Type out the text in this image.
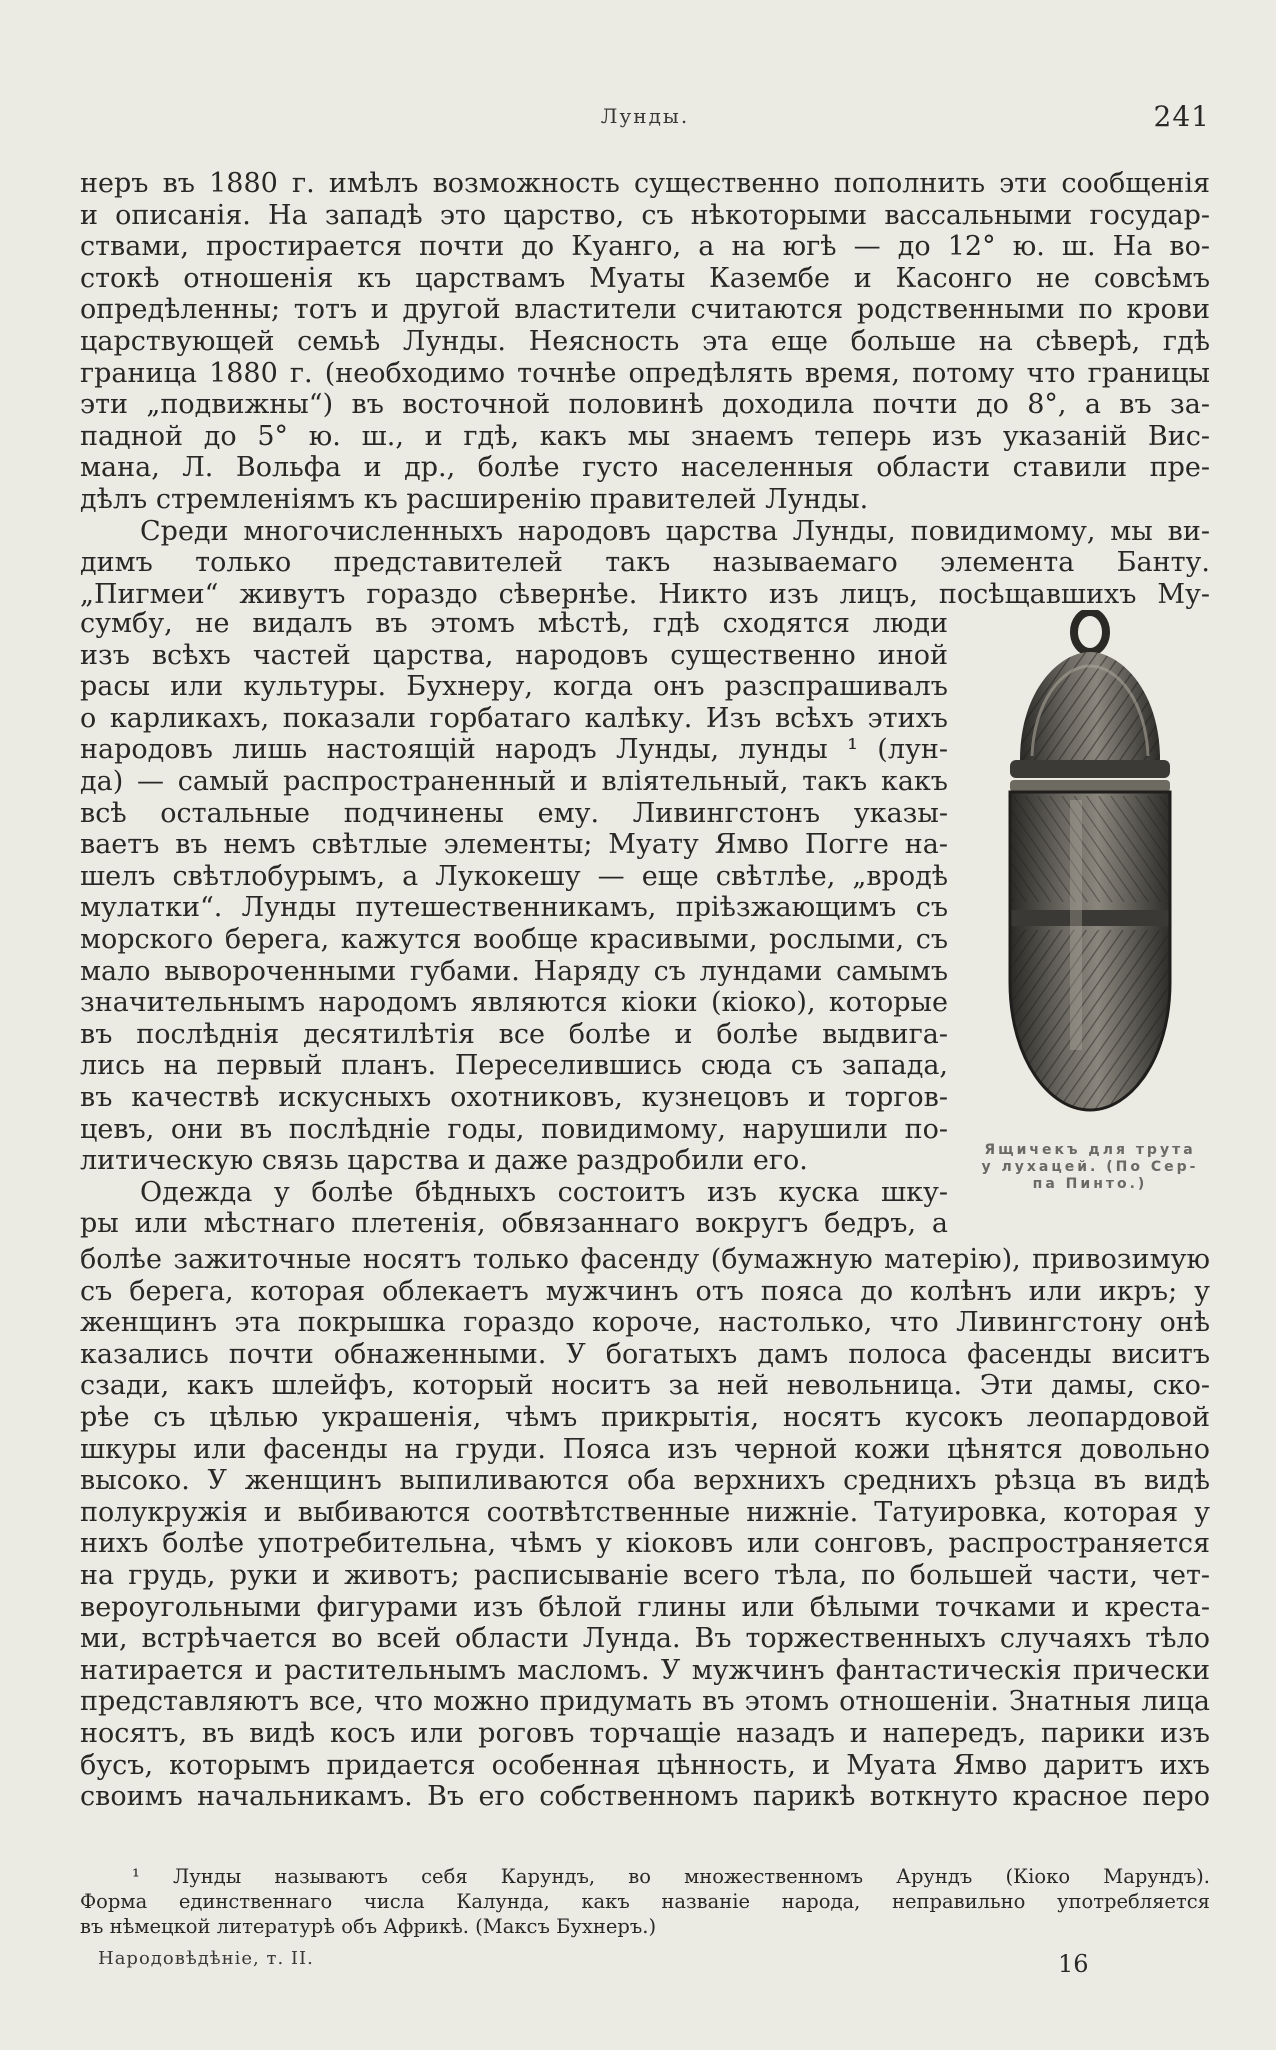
Лунды.	241
неръ въ 1880 г. имѣлъ возможность существенно пополнить эти сообщенія
и описанія. На западѣ это царство, съ нѣкоторыми вассальными государ-
ствами, простирается почти до Куанго, а на югѣ — до 12° ю. ш. На во-
стокѣ отношенія къ царствамъ Муаты Казембе и Касонго не совсѣмъ
опредѣленны; тотъ и другой властители считаются родственными по крови
царствующей семьѣ Лунды. Неясность эта еще больше на сѣверѣ, гдѣ
граница 1880 г. (необходимо точнѣе опредѣлять время, потому что границы
эти „подвижны“) въ восточной половинѣ доходила почти до 8°, а въ за-
падной до 5° ю. ш., и гдѣ, какъ мы знаемъ теперь изъ указаній Вис-
мана, Л. Вольфа и др., болѣе густо населенныя области ставили пре-
дѣлъ стремленіямъ къ расширенію правителей Лунды.
Среди многочисленныхъ народовъ царства Лунды, повидимому, мы ви-
димъ только представителей такъ называемаго элемента Банту.
„Пигмеи“ живутъ гораздо сѣвернѣе. Никто изъ лицъ, посѣщавшихъ Му-
сумбу, не видалъ въ этомъ мѣстѣ, гдѣ сходятся люди
изъ всѣхъ частей царства, народовъ существенно иной
расы или культуры. Бухнеру, когда онъ разспрашивалъ
о карликахъ, показали горбатаго калѣку. Изъ всѣхъ этихъ
народовъ лишь настоящій народъ Лунды, лунды ¹ (лун-
да) — самый распространенный и вліятельный, такъ какъ
всѣ остальные подчинены ему. Ливингстонъ указы-
ваетъ въ немъ свѣтлые элементы; Муату Ямво Погге на-
шелъ свѣтлобурымъ, а Лукокешу — еще свѣтлѣе, „вродѣ
мулатки“. Лунды путешественникамъ, пріѣзжающимъ съ
морского берега, кажутся вообще красивыми, рослыми, съ
мало вывороченными губами. Наряду съ лундами самымъ
значительнымъ народомъ являются кіоки (кіоко), которые
въ послѣднія десятилѣтія все болѣе и болѣе выдвига-
лись на первый планъ. Переселившись сюда съ запада,
въ качествѣ искусныхъ охотниковъ, кузнецовъ и торгов-
цевъ, они въ послѣдніе годы, повидимому, нарушили по-
литическую связь царства и даже раздробили его.
Одежда у болѣе бѣдныхъ состоитъ изъ куска шку-
ры или мѣстнаго плетенія, обвязаннаго вокругъ бедръ, а
Ящичекъ для трута
у лухацей. (По Сер-
па Пинто.)
болѣе зажиточные носятъ только фасенду (бумажную матерію), привозимую
съ берега, которая облекаетъ мужчинъ отъ пояса до колѣнъ или икръ; у
женщинъ эта покрышка гораздо короче, настолько, что Ливингстону онѣ
казались почти обнаженными. У богатыхъ дамъ полоса фасенды виситъ
сзади, какъ шлейфъ, который носитъ за ней невольница. Эти дамы, ско-
рѣе съ цѣлью украшенія, чѣмъ прикрытія, носятъ кусокъ леопардовой
шкуры или фасенды на груди. Пояса изъ черной кожи цѣнятся довольно
высоко. У женщинъ выпиливаются оба верхнихъ среднихъ рѣзца въ видѣ
полукружія и выбиваются соотвѣтственные нижніе. Татуировка, которая у
нихъ болѣе употребительна, чѣмъ у кіоковъ или сонговъ, распространяется
на грудь, руки и животъ; расписываніе всего тѣла, по большей части, чет-
вероугольными фигурами изъ бѣлой глины или бѣлыми точками и креста-
ми, встрѣчается во всей области Лунда. Въ торжественныхъ случаяхъ тѣло
натирается и растительнымъ масломъ. У мужчинъ фантастическія прически
представляютъ все, что можно придумать въ этомъ отношеніи. Знатныя лица
носятъ, въ видѣ косъ или роговъ торчащіе назадъ и напередъ, парики изъ
бусъ, которымъ придается особенная цѣнность, и Муата Ямво даритъ ихъ
своимъ начальникамъ. Въ его собственномъ парикѣ воткнуто красное перо
¹ Лунды называютъ себя Карундъ, во множественномъ Арундъ (Кіоко Марундъ).
Форма единственнаго числа Калунда, какъ названіе народа, неправильно употребляется
въ нѣмецкой литературѣ объ Африкѣ. (Максъ Бухнеръ.)
Народовѣдѣніе, т. II.	16
